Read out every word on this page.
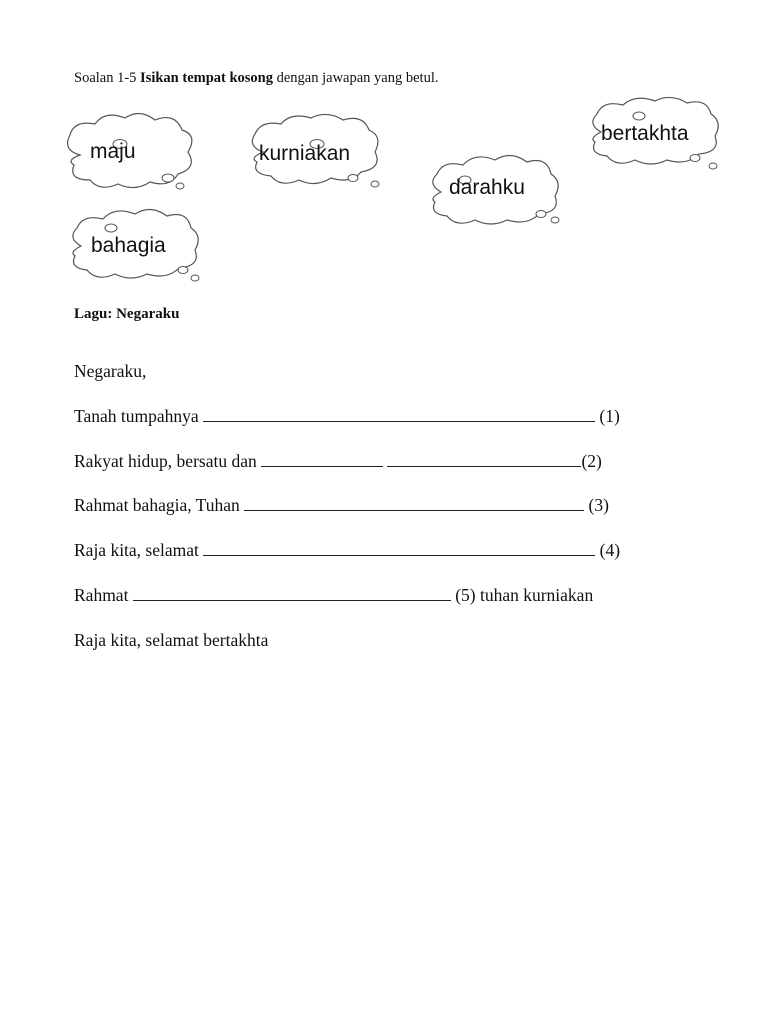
Soalan 1-5 Isikan tempat kosong dengan jawapan yang betul.
maju	kurniakan
bertakhta
darahku
bahagia
Lagu: Negaraku
Negaraku,
Tanah tumpahnya	(1)
Rakyat hidup, bersatu dan	(2)
Rahmat bahagia, Tuhan	(3)
Raja kita, selamat	(4)
Rahmat	(5) tuhan kurniakan
Raja kita, selamat bertakhta
